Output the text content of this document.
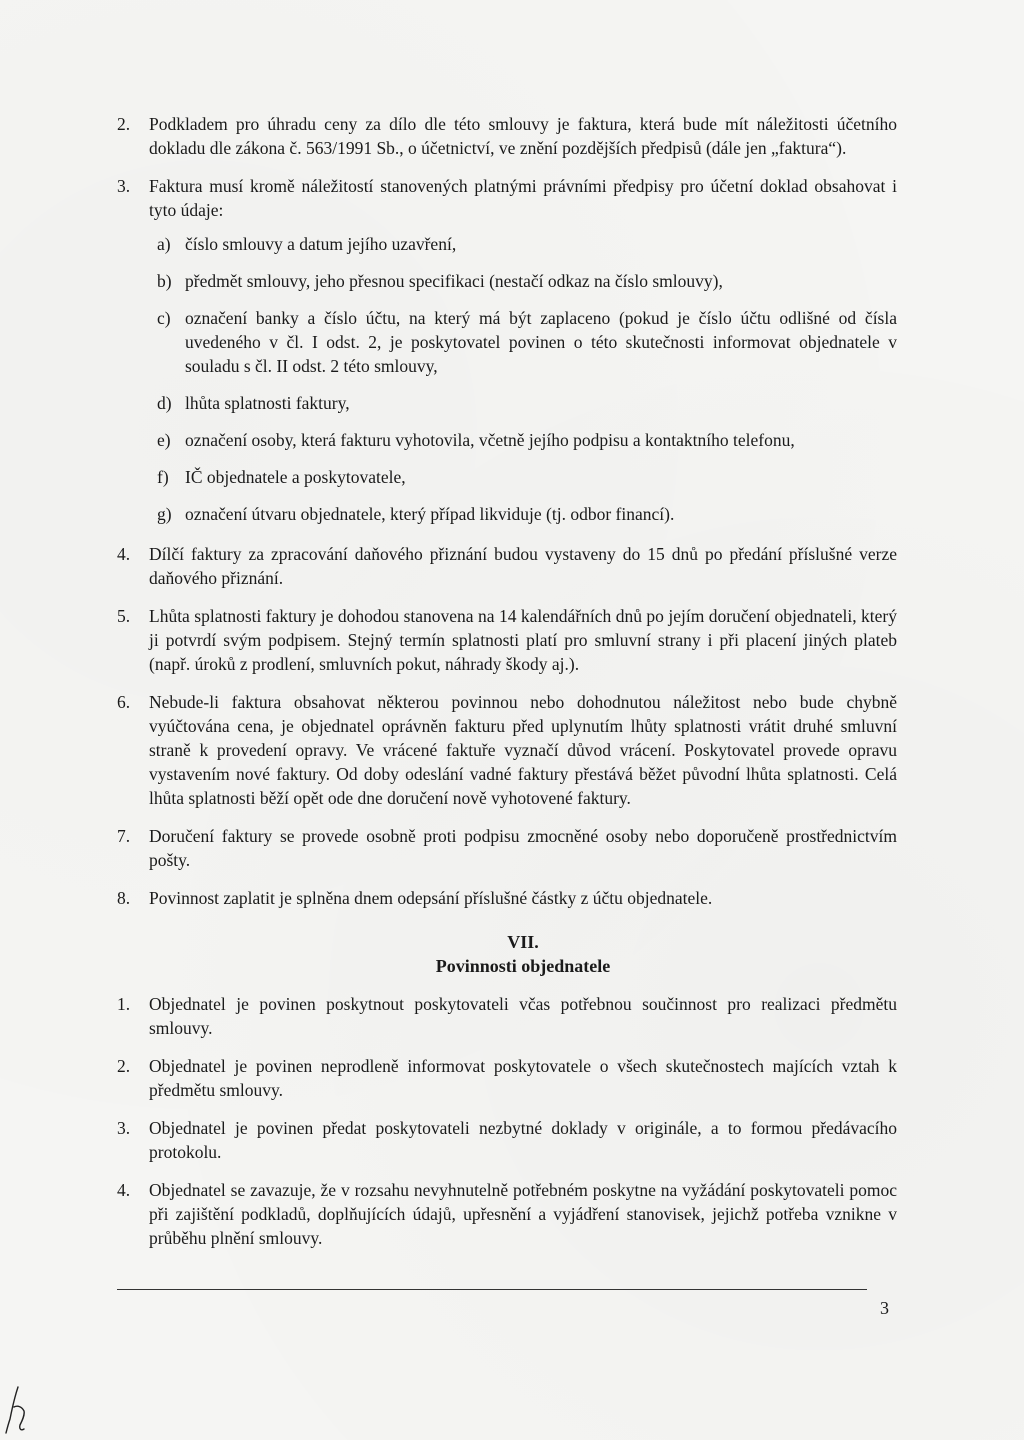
2.	Podkladem pro úhradu ceny za dílo dle této smlouvy je faktura, která bude mít náležitosti účetního dokladu dle zákona č. 563/1991 Sb., o účetnictví, ve znění pozdějších předpisů (dále jen „faktura“).
3.	Faktura musí kromě náležitostí stanovených platnými právními předpisy pro účetní doklad obsahovat i tyto údaje:
a) číslo smlouvy a datum jejího uzavření,
b) předmět smlouvy, jeho přesnou specifikaci (nestačí odkaz na číslo smlouvy),
c) označení banky a číslo účtu, na který má být zaplaceno (pokud je číslo účtu odlišné od čísla uvedeného v čl. I odst. 2, je poskytovatel povinen o této skutečnosti informovat objednatele v souladu s čl. II odst. 2 této smlouvy,
d) lhůta splatnosti faktury,
e) označení osoby, která fakturu vyhotovila, včetně jejího podpisu a kontaktního telefonu,
f) IČ objednatele a poskytovatele,
g) označení útvaru objednatele, který případ likviduje (tj. odbor financí).
4.	Dílčí faktury za zpracování daňového přiznání budou vystaveny do 15 dnů po předání příslušné verze daňového přiznání.
5.	Lhůta splatnosti faktury je dohodou stanovena na 14 kalendářních dnů po jejím doručení objednateli, který ji potvrdí svým podpisem. Stejný termín splatnosti platí pro smluvní strany i při placení jiných plateb (např. úroků z prodlení, smluvních pokut, náhrady škody aj.).
6.	Nebude-li faktura obsahovat některou povinnou nebo dohodnutou náležitost nebo bude chybně vyúčtována cena, je objednatel oprávněn fakturu před uplynutím lhůty splatnosti vrátit druhé smluvní straně k provedení opravy. Ve vrácené faktuře vyznačí důvod vrácení. Poskytovatel provede opravu vystavením nové faktury. Od doby odeslání vadné faktury přestává běžet původní lhůta splatnosti. Celá lhůta splatnosti běží opět ode dne doručení nově vyhotovené faktury.
7.	Doručení faktury se provede osobně proti podpisu zmocněné osoby nebo doporučeně prostřednictvím pošty.
8.	Povinnost zaplatit je splněna dnem odepsání příslušné částky z účtu objednatele.
VII.
Povinnosti objednatele
1.	Objednatel je povinen poskytnout poskytovateli včas potřebnou součinnost pro realizaci předmětu smlouvy.
2.	Objednatel je povinen neprodleně informovat poskytovatele o všech skutečnostech majících vztah k předmětu smlouvy.
3.	Objednatel je povinen předat poskytovateli nezbytné doklady v originále, a to formou předávacího protokolu.
4.	Objednatel se zavazuje, že v rozsahu nevyhnutelně potřebném poskytne na vyžádání poskytovateli pomoc při zajištění podkladů, doplňujících údajů, upřesnění a vyjádření stanovisek, jejichž potřeba vznikne v průběhu plnění smlouvy.
3
